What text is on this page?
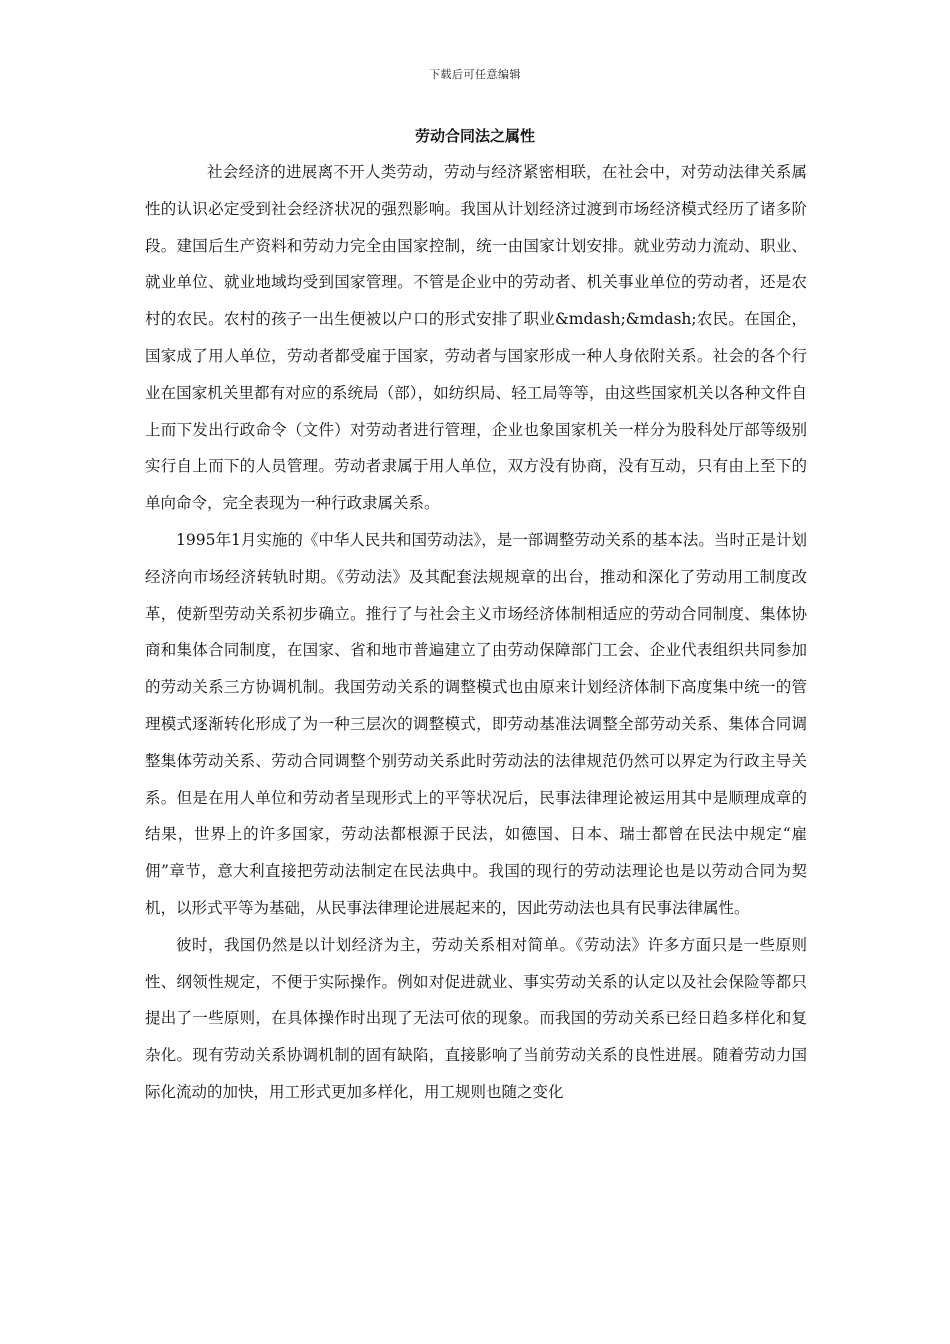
下载后可任意编辑
劳动合同法之属性

社会经济的进展离不开人类劳动，劳动与经济紧密相联，在社会中，对劳动法律关系属性的认识必定受到社会经济状况的强烈影响。我国从计划经济过渡到市场经济模式经历了诸多阶段。建国后生产资料和劳动力完全由国家控制，统一由国家计划安排。就业劳动力流动、职业、就业单位、就业地域均受到国家管理。不管是企业中的劳动者、机关事业单位的劳动者，还是农村的农民。农村的孩子一出生便被以户口的形式安排了职业&mdash;&mdash;农民。在国企，国家成了用人单位，劳动者都受雇于国家，劳动者与国家形成一种人身依附关系。社会的各个行业在国家机关里都有对应的系统局（部），如纺织局、轻工局等等，由这些国家机关以各种文件自上而下发出行政命令（文件）对劳动者进行管理，企业也象国家机关一样分为股科处厅部等级别实行自上而下的人员管理。劳动者隶属于用人单位，双方没有协商，没有互动，只有由上至下的单向命令，完全表现为一种行政隶属关系。

1995年1月实施的《中华人民共和国劳动法》，是一部调整劳动关系的基本法。当时正是计划经济向市场经济转轨时期。《劳动法》及其配套法规规章的出台，推动和深化了劳动用工制度改革，使新型劳动关系初步确立。推行了与社会主义市场经济体制相适应的劳动合同制度、集体协商和集体合同制度，在国家、省和地市普遍建立了由劳动保障部门工会、企业代表组织共同参加的劳动关系三方协调机制。我国劳动关系的调整模式也由原来计划经济体制下高度集中统一的管理模式逐渐转化形成了为一种三层次的调整模式，即劳动基准法调整全部劳动关系、集体合同调整集体劳动关系、劳动合同调整个别劳动关系此时劳动法的法律规范仍然可以界定为行政主导关系。但是在用人单位和劳动者呈现形式上的平等状况后，民事法律理论被运用其中是顺理成章的结果，世界上的许多国家，劳动法都根源于民法，如德国、日本、瑞士都曾在民法中规定“雇佣”章节，意大利直接把劳动法制定在民法典中。我国的现行的劳动法理论也是以劳动合同为契机，以形式平等为基础，从民事法律理论进展起来的，因此劳动法也具有民事法律属性。

彼时，我国仍然是以计划经济为主，劳动关系相对简单。《劳动法》许多方面只是一些原则性、纲领性规定，不便于实际操作。例如对促进就业、事实劳动关系的认定以及社会保险等都只提出了一些原则，在具体操作时出现了无法可依的现象。而我国的劳动关系已经日趋多样化和复杂化。现有劳动关系协调机制的固有缺陷，直接影响了当前劳动关系的良性进展。随着劳动力国际化流动的加快，用工形式更加多样化，用工规则也随之变化
